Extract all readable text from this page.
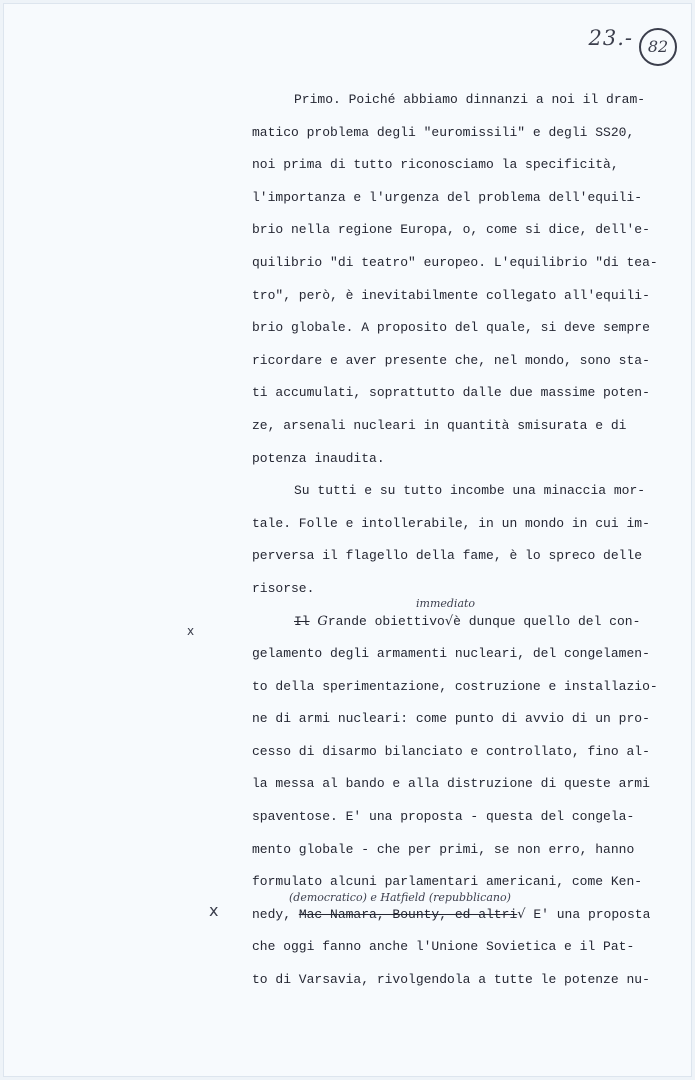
23.- 82
x
x
immediato
(democratico) e Hatfield (repubblicano)
Primo. Poiché abbiamo dinnanzi a noi il dram-
matico problema degli "euromissili" e degli SS20,
noi prima di tutto riconosciamo la specificità,
l'importanza e l'urgenza del problema dell'equili-
brio nella regione Europa, o, come si dice, dell'e-
quilibrio "di teatro" europeo. L'equilibrio "di tea-
tro", però, è inevitabilmente collegato all'equili-
brio globale. A proposito del quale, si deve sempre
ricordare e aver presente che, nel mondo, sono sta-
ti accumulati, soprattutto dalle due massime poten-
ze, arsenali nucleari in quantità smisurata e di
potenza inaudita.
Su tutti e su tutto incombe una minaccia mor-
tale. Folle e intollerabile, in un mondo in cui im-
perversa il flagello della fame, è lo spreco delle
risorse.
Il Grande obiettivo√è dunque quello del con-
gelamento degli armamenti nucleari, del congelamen-
to della sperimentazione, costruzione e installazio-
ne di armi nucleari: come punto di avvio di un pro-
cesso di disarmo bilanciato e controllato, fino al-
la messa al bando e alla distruzione di queste armi
spaventose. E' una proposta - questa del congela-
mento globale - che per primi, se non erro, hanno
formulato alcuni parlamentari americani, come Ken-
nedy, Mac Namara, Bounty, ed altri√ E' una proposta
che oggi fanno anche l'Unione Sovietica e il Pat-
to di Varsavia, rivolgendola a tutte le potenze nu-
